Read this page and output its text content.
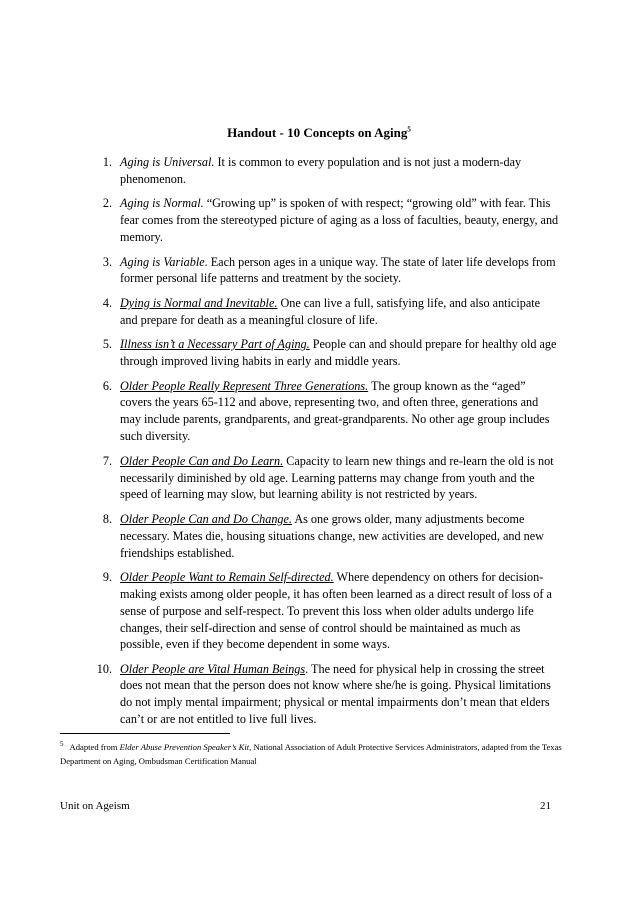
Handout - 10 Concepts on Aging$^5$
1. Aging is Universal. It is common to every population and is not just a modern-day phenomenon.
2. Aging is Normal. “Growing up” is spoken of with respect; “growing old” with fear. This fear comes from the stereotyped picture of aging as a loss of faculties, beauty, energy, and memory.
3. Aging is Variable. Each person ages in a unique way. The state of later life develops from former personal life patterns and treatment by the society.
4. Dying is Normal and Inevitable. One can live a full, satisfying life, and also anticipate and prepare for death as a meaningful closure of life.
5. Illness isn’t a Necessary Part of Aging. People can and should prepare for healthy old age through improved living habits in early and middle years.
6. Older People Really Represent Three Generations. The group known as the “aged” covers the years 65-112 and above, representing two, and often three, generations and may include parents, grandparents, and great-grandparents. No other age group includes such diversity.
7. Older People Can and Do Learn. Capacity to learn new things and re-learn the old is not necessarily diminished by old age. Learning patterns may change from youth and the speed of learning may slow, but learning ability is not restricted by years.
8. Older People Can and Do Change. As one grows older, many adjustments become necessary. Mates die, housing situations change, new activities are developed, and new friendships established.
9. Older People Want to Remain Self-directed. Where dependency on others for decision-making exists among older people, it has often been learned as a direct result of loss of a sense of purpose and self-respect. To prevent this loss when older adults undergo life changes, their self-direction and sense of control should be maintained as much as possible, even if they become dependent in some ways.
10. Older People are Vital Human Beings. The need for physical help in crossing the street does not mean that the person does not know where she/he is going. Physical limitations do not imply mental impairment; physical or mental impairments don’t mean that elders can’t or are not entitled to live full lives.
$^5$ Adapted from Elder Abuse Prevention Speaker’s Kit, National Association of Adult Protective Services Administrators, adapted from the Texas Department on Aging, Ombudsman Certification Manual
Unit on Ageism	21
